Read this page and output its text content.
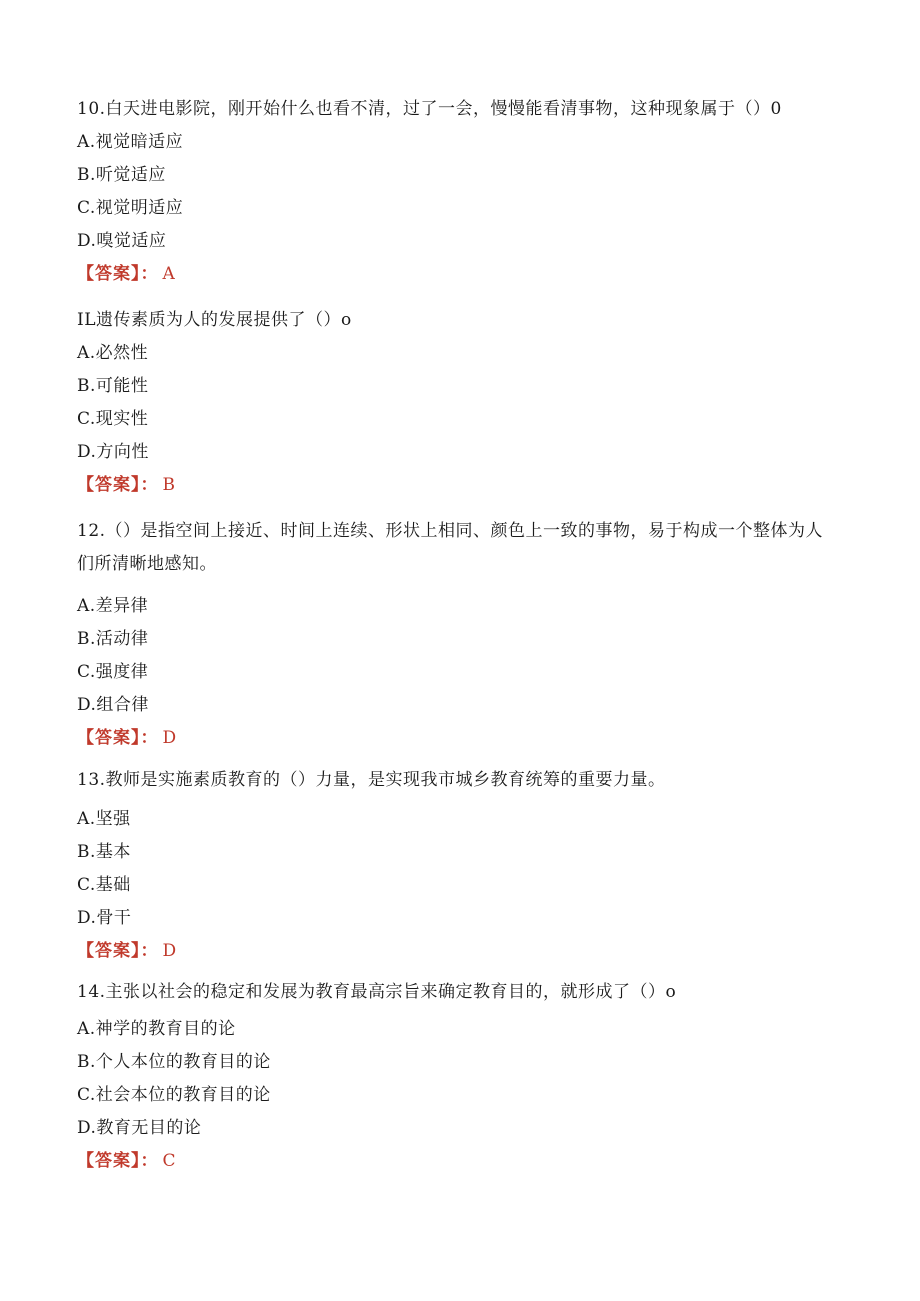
10.白天进电影院，刚开始什么也看不清，过了一会，慢慢能看清事物，这种现象属于（）0

A.视觉暗适应

B.听觉适应

C.视觉明适应

D.嗅觉适应

【答案】： A

IL遗传素质为人的发展提供了（）o

A.必然性

B.可能性

C.现实性

D.方向性

【答案】： B

12.（）是指空间上接近、时间上连续、形状上相同、颜色上一致的事物，易于构成一个整体为人们所清晰地感知。

A.差异律

B.活动律

C.强度律

D.组合律

【答案】： D

13.教师是实施素质教育的（）力量，是实现我市城乡教育统筹的重要力量。

A.坚强

B.基本

C.基础

D.骨干

【答案】： D

14.主张以社会的稳定和发展为教育最高宗旨来确定教育目的，就形成了（）o

A.神学的教育目的论

B.个人本位的教育目的论

C.社会本位的教育目的论

D.教育无目的论

【答案】： C
